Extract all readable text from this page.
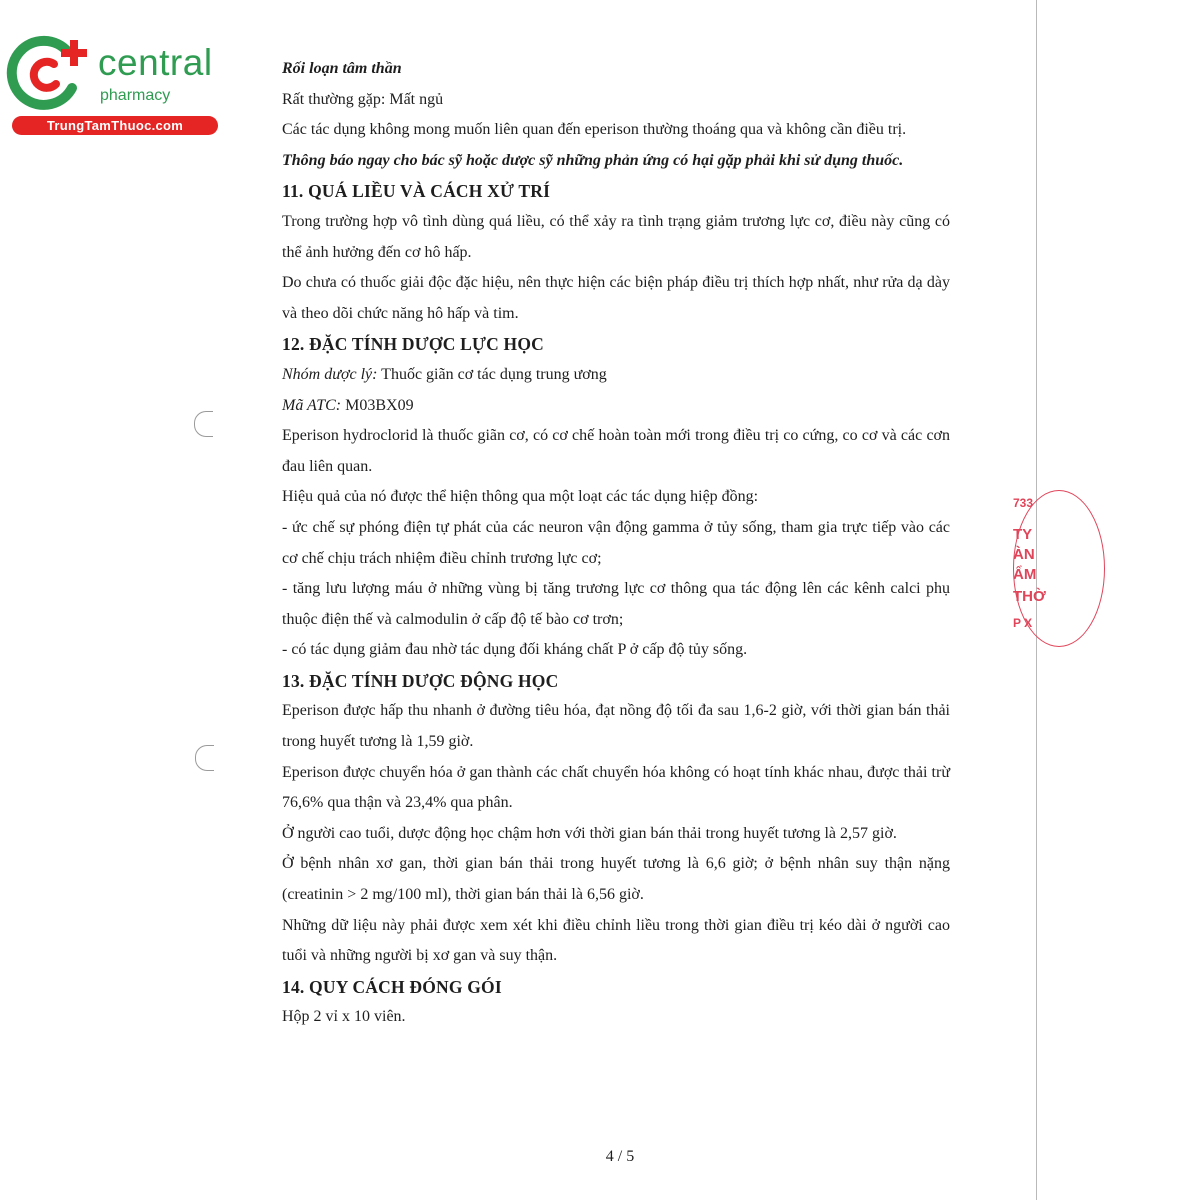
central
pharmacy
TrungTamThuoc.com
733
TY
ÀN
ẨM
THỜ
P X

Rối loạn tâm thần

Rất thường gặp: Mất ngủ

Các tác dụng không mong muốn liên quan đến eperison thường thoáng qua và không cần điều trị.

Thông báo ngay cho bác sỹ hoặc dược sỹ những phản ứng có hại gặp phải khi sử dụng thuốc.

11. QUÁ LIỀU VÀ CÁCH XỬ TRÍ

Trong trường hợp vô tình dùng quá liều, có thể xảy ra tình trạng giảm trương lực cơ, điều này cũng có thể ảnh hưởng đến cơ hô hấp.

Do chưa có thuốc giải độc đặc hiệu, nên thực hiện các biện pháp điều trị thích hợp nhất, như rửa dạ dày và theo dõi chức năng hô hấp và tim.

12. ĐẶC TÍNH DƯỢC LỰC HỌC

Nhóm dược lý: Thuốc giãn cơ tác dụng trung ương

Mã ATC: M03BX09

Eperison hydroclorid là thuốc giãn cơ, có cơ chế hoàn toàn mới trong điều trị co cứng, co cơ và các cơn đau liên quan.

Hiệu quả của nó được thể hiện thông qua một loạt các tác dụng hiệp đồng:

- ức chế sự phóng điện tự phát của các neuron vận động gamma ở tủy sống, tham gia trực tiếp vào các cơ chế chịu trách nhiệm điều chỉnh trương lực cơ;

- tăng lưu lượng máu ở những vùng bị tăng trương lực cơ thông qua tác động lên các kênh calci phụ thuộc điện thế và calmodulin ở cấp độ tế bào cơ trơn;

- có tác dụng giảm đau nhờ tác dụng đối kháng chất P ở cấp độ tủy sống.

13. ĐẶC TÍNH DƯỢC ĐỘNG HỌC

Eperison được hấp thu nhanh ở đường tiêu hóa, đạt nồng độ tối đa sau 1,6-2 giờ, với thời gian bán thải trong huyết tương là 1,59 giờ.

Eperison được chuyển hóa ở gan thành các chất chuyển hóa không có hoạt tính khác nhau, được thải trừ 76,6% qua thận và 23,4% qua phân.

Ở người cao tuổi, dược động học chậm hơn với thời gian bán thải trong huyết tương là 2,57 giờ.

Ở bệnh nhân xơ gan, thời gian bán thải trong huyết tương là 6,6 giờ; ở bệnh nhân suy thận nặng (creatinin > 2 mg/100 ml), thời gian bán thải là 6,56 giờ.

Những dữ liệu này phải được xem xét khi điều chỉnh liều trong thời gian điều trị kéo dài ở người cao tuổi và những người bị xơ gan và suy thận.

14. QUY CÁCH ĐÓNG GÓI

Hộp 2 vỉ x 10 viên.

4 / 5
